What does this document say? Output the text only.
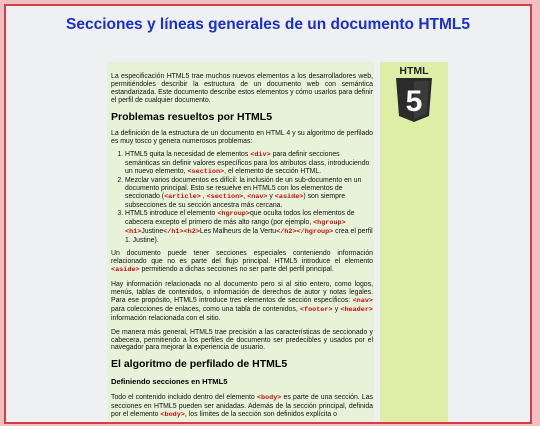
Secciones y líneas generales de un documento HTML5

La especificación HTML5 trae muchos nuevos elementos a los desarrolladores web, permitiéndoles describir la estructura de un documento web con semántica estandarizada. Este documento describe estos elementos y cómo usarlos para definir el perfil de cualquier documento.

Problemas resueltos por HTML5

La definición de la estructura de un documento en HTML 4 y su algoritmo de perfilado es muy tosco y genera numerosos problemas:

1. HTML5 quita la necesidad de elementos <div> para definir secciones semánticas sin definir valores específicos para los atributos class, introduciendo un nuevo elemento, <section>, el elemento de sección HTML.
2. Mezclar varios documentos es difícil: la inclusión de un sub-documento en un documento principal. Esto se resuelve en HTML5 con los elementos de seccionado (<article> , <section>, <nav> y <aside>) son siempre subsecciones de su sección ancestra más cercana.
3. HTML5 introduce el elemento <hgroup>que oculta todos los elementos de cabecera excepto el primero de más alto rango (por ejemplo, <hgroup> <h1>Justine</h1><h2>Les Malheurs de la Vertu</h2></hgroup> crea el perfil 1. Justine).

Un documento puede tener secciones especiales conteniendo información relacionado que no es parte del flujo principal. HTML5 introduce el elemento <aside> permitiendo a dichas secciones no ser parte del perfil principal.

Hay información relacionada no al documento pero si al sitio entero, como logos, menús, tablas de contenidos, o información de derechos de autor y notas legales. Para ese propósito, HTML5 introduce tres elementos de sección específicos: <nav> para colecciones de enlaces, como una tabla de contenidos, <footer> y <header> información relacionada con el sitio.

De manera más general, HTML5 trae precisión a las características de seccionado y cabecera, permitiendo a los perfiles de documento ser predecibles y usados por el navegador para mejorar la experiencia de usuario.

El algoritmo de perfilado de HTML5
Definiendo secciones en HTML5

Todo el contenido incluido dentro del elemento <body> es parte de una sección. Las secciones en HTML5 pueden ser anidadas. Además de la sección principal, definida por el elemento <body>, los límites de la sección son definidos explícita o

HTML
5
